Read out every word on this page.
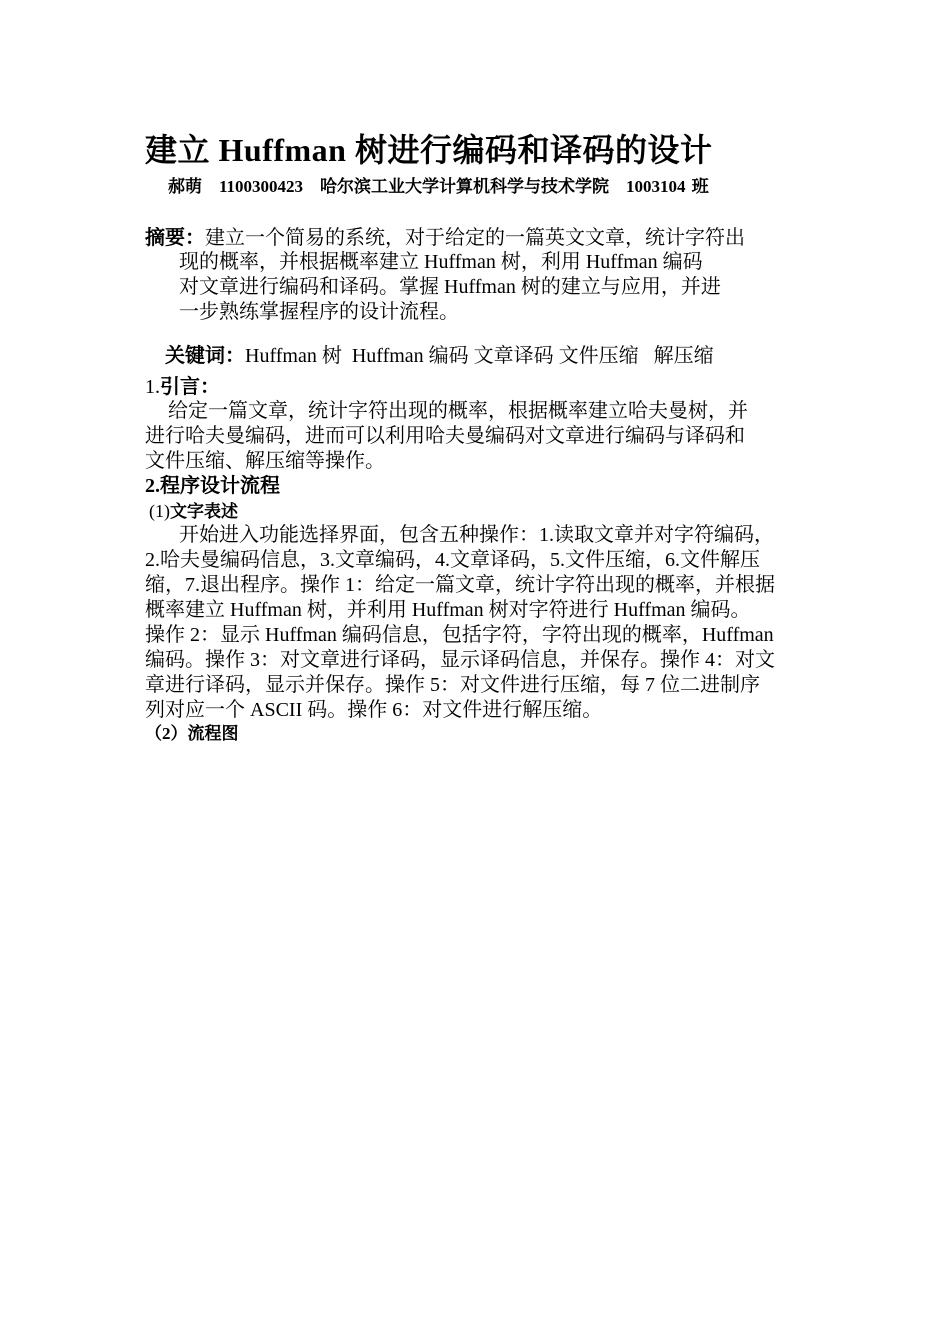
建立 Huffman 树进行编码和译码的设计
郝萌　1100300423　哈尔滨工业大学计算机科学与技术学院　1003104 班
摘要：建立一个简易的系统，对于给定的一篇英文文章，统计字符出
现的概率，并根据概率建立 Huffman 树，利用 Huffman 编码
对文章进行编码和译码。掌握 Huffman 树的建立与应用，并进
一步熟练掌握程序的设计流程。

关键词：Huffman 树  Huffman 编码 文章译码 文件压缩   解压缩

1.引言：
给定一篇文章，统计字符出现的概率，根据概率建立哈夫曼树，并
进行哈夫曼编码，进而可以利用哈夫曼编码对文章进行编码与译码和
文件压缩、解压缩等操作。
2.程序设计流程
(1)文字表述
开始进入功能选择界面，包含五种操作：1.读取文章并对字符编码，
2.哈夫曼编码信息，3.文章编码，4.文章译码，5.文件压缩，6.文件解压
缩，7.退出程序。操作 1：给定一篇文章，统计字符出现的概率，并根据
概率建立 Huffman 树，并利用 Huffman 树对字符进行 Huffman 编码。
操作 2：显示 Huffman 编码信息，包括字符，字符出现的概率，Huffman
编码。操作 3：对文章进行译码，显示译码信息，并保存。操作 4：对文
章进行译码，显示并保存。操作 5：对文件进行压缩，每 7 位二进制序
列对应一个 ASCII 码。操作 6：对文件进行解压缩。
（2）流程图
